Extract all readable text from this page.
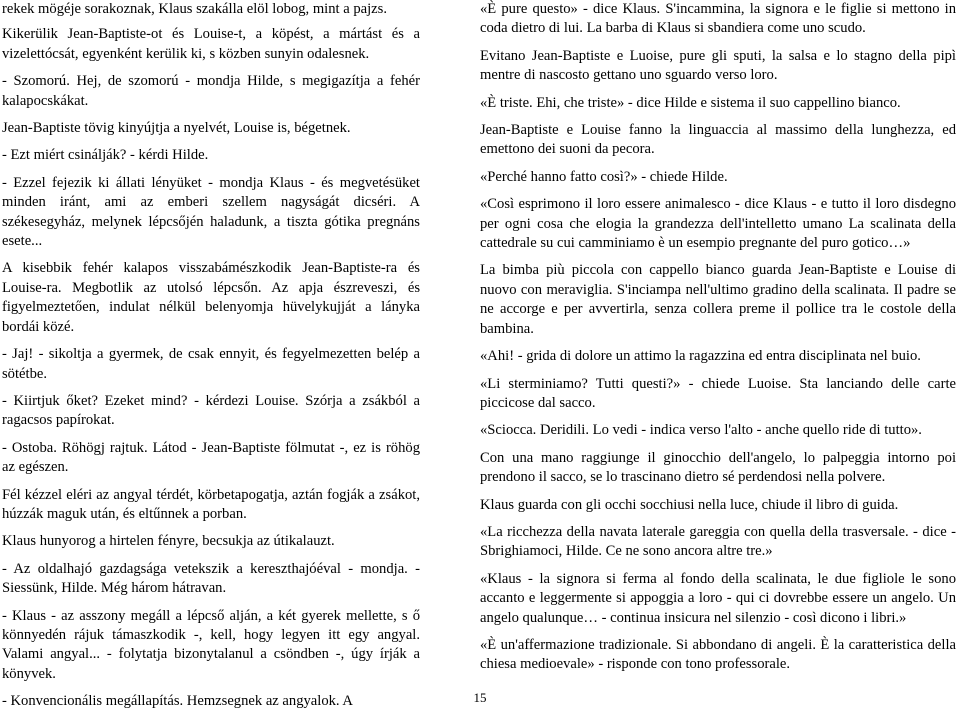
rekek mögéje sorakoznak, Klaus szakálla elöl lobog, mint a pajzs.

Kikerülik Jean-Baptiste-ot és Louise-t, a köpést, a mártást és a vizelettócsát, egyenként kerülik ki, s közben sunyin odalesnek.

- Szomorú. Hej, de szomorú - mondja Hilde, s megigazítja a fehér kalapocskákat.

Jean-Baptiste tövig kinyújtja a nyelvét, Louise is, bégetnek.

- Ezt miért csinálják? - kérdi Hilde.

- Ezzel fejezik ki állati lényüket - mondja Klaus - és megvetésüket minden iránt, ami az emberi szellem nagyságát dicséri. A székesegyház, melynek lépcsőjén haladunk, a tiszta gótika pregnáns esete...

A kisebbik fehér kalapos visszabámészkodik Jean-Baptiste-ra és Louise-ra. Megbotlik az utolsó lépcsőn. Az apja észreveszi, és figyelmeztetően, indulat nélkül belenyomja hüvelykujját a lányka bordái közé.

- Jaj! - sikoltja a gyermek, de csak ennyit, és fegyelmezetten belép a sötétbe.

- Kiirtjuk őket? Ezeket mind? - kérdezi Louise. Szórja a zsákból a ragacsos papírokat.

- Ostoba. Röhögj rajtuk. Látod - Jean-Baptiste fölmutat -, ez is röhög az egészen.

Fél kézzel eléri az angyal térdét, körbetapogatja, aztán fogják a zsákot, húzzák maguk után, és eltűnnek a porban.

Klaus hunyorog a hirtelen fényre, becsukja az útikalauzt.

- Az oldalhajó gazdagsága vetekszik a kereszthajóéval - mondja. - Siessünk, Hilde. Még három hátravan.

- Klaus - az asszony megáll a lépcső alján, a két gyerek mellette, s ő könnyedén rájuk támaszkodik -, kell, hogy legyen itt egy angyal. Valami angyal... - folytatja bizonytalanul a csöndben -, úgy írják a könyvek.

- Konvencionális megállapítás. Hemzsegnek az angyalok. A

«È pure questo» - dice Klaus. S'incammina, la signora e le figlie si mettono in coda dietro di lui. La barba di Klaus si sbandiera come uno scudo.

Evitano Jean-Baptiste e Luoise, pure gli sputi, la salsa e lo stagno della pipì mentre di nascosto gettano uno sguardo verso loro.

«È triste. Ehi, che triste» - dice Hilde e sistema il suo cappellino bianco.

Jean-Baptiste e Louise fanno la linguaccia al massimo della lunghezza, ed emettono dei suoni da pecora.

«Perché hanno fatto così?» - chiede Hilde.

«Così esprimono il loro essere animalesco - dice Klaus - e tutto il loro disdegno per ogni cosa che elogia la grandezza dell'intelletto umano La scalinata della cattedrale su cui camminiamo è un esempio pregnante del puro gotico…»

La bimba più piccola con cappello bianco guarda Jean-Baptiste e Louise di nuovo con meraviglia. S'inciampa nell'ultimo gradino della scalinata. Il padre se ne accorge e per avvertirla, senza collera preme il pollice tra le costole della bambina.

«Ahi! - grida di dolore un attimo la ragazzina ed entra disciplinata nel buio.

«Li sterminiamo? Tutti questi?» - chiede Luoise. Sta lanciando delle carte piccicose dal sacco.

«Sciocca. Deridili. Lo vedi - indica verso l'alto - anche quello ride di tutto».

Con una mano raggiunge il ginocchio dell'angelo, lo palpeggia intorno poi prendono il sacco, se lo trascinano dietro sé perdendosi nella polvere.

Klaus guarda con gli occhi socchiusi nella luce, chiude il libro di guida.

«La ricchezza della navata laterale gareggia con quella della trasversale. - dice - Sbrighiamoci, Hilde. Ce ne sono ancora altre tre.»

«Klaus - la signora si ferma al fondo della scalinata, le due figliole le sono accanto e leggermente si appoggia a loro - qui ci dovrebbe essere un angelo. Un angelo qualunque… - continua insicura nel silenzio - così dicono i libri.»

«È un'affermazione tradizionale. Si abbondano di angeli. È la caratteristica della chiesa medioevale» - risponde con tono professorale.

15
